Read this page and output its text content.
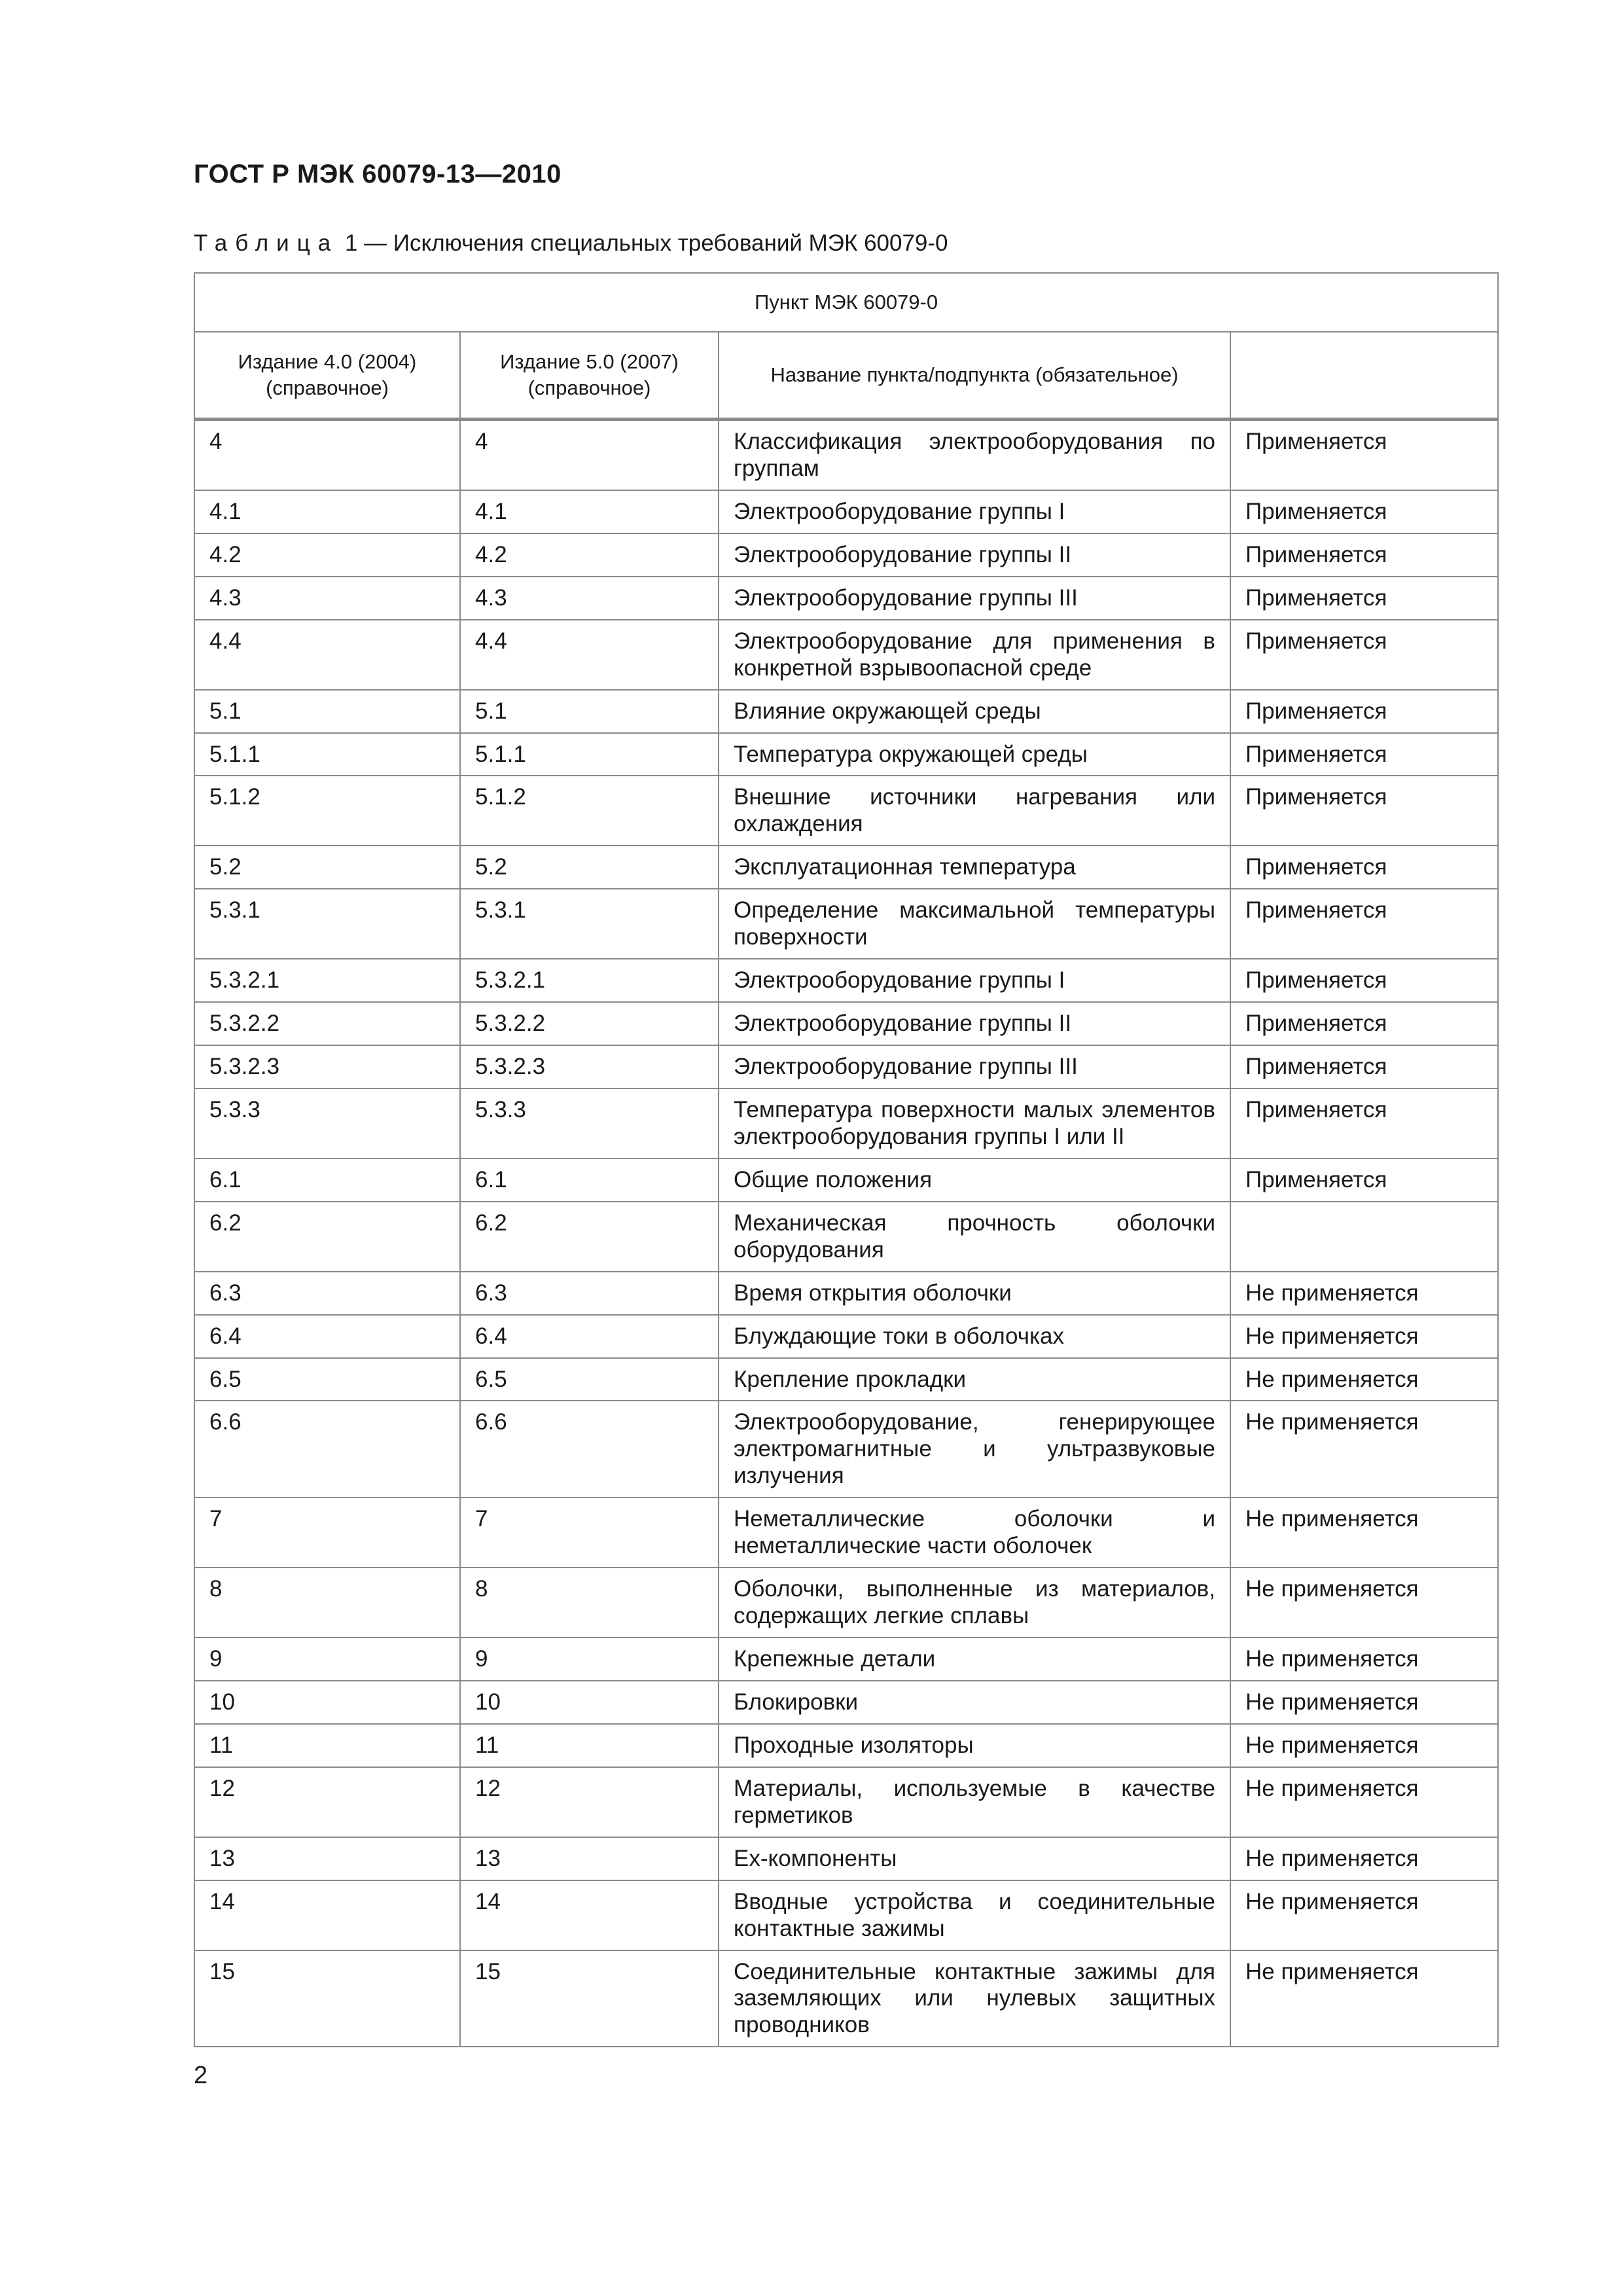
ГОСТ Р МЭК 60079-13—2010
Таблица 1 — Исключения специальных требований МЭК 60079-0
Пункт МЭК 60079-0			
Издание 4.0 (2004) (справочное)	Издание 5.0 (2007) (справочное)	Название пункта/подпункта (обязательное)	
4	4	Классификация электрооборудования по группам	Применяется
4.1	4.1	Электрооборудование группы I	Применяется
4.2	4.2	Электрооборудование группы II	Применяется
4.3	4.3	Электрооборудование группы III	Применяется
4.4	4.4	Электрооборудование для применения в конкретной взрывоопасной среде	Применяется
5.1	5.1	Влияние окружающей среды	Применяется
5.1.1	5.1.1	Температура окружающей среды	Применяется
5.1.2	5.1.2	Внешние источники нагревания или охлаждения	Применяется
5.2	5.2	Эксплуатационная температура	Применяется
5.3.1	5.3.1	Определение максимальной температуры поверхности	Применяется
5.3.2.1	5.3.2.1	Электрооборудование группы I	Применяется
5.3.2.2	5.3.2.2	Электрооборудование группы II	Применяется
5.3.2.3	5.3.2.3	Электрооборудование группы III	Применяется
5.3.3	5.3.3	Температура поверхности малых элементов электрооборудования группы I или II	Применяется
6.1	6.1	Общие положения	Применяется
6.2	6.2	Механическая прочность оболочки оборудования	
6.3	6.3	Время открытия оболочки	Не применяется
6.4	6.4	Блуждающие токи в оболочках	Не применяется
6.5	6.5	Крепление прокладки	Не применяется
6.6	6.6	Электрооборудование, генерирующее электромагнитные и ультразвуковые излучения	Не применяется
7	7	Неметаллические оболочки и неметаллические части оболочек	Не применяется
8	8	Оболочки, выполненные из материалов, содержащих легкие сплавы	Не применяется
9	9	Крепежные детали	Не применяется
10	10	Блокировки	Не применяется
11	11	Проходные изоляторы	Не применяется
12	12	Материалы, используемые в качестве герметиков	Не применяется
13	13	Ex-компоненты	Не применяется
14	14	Вводные устройства и соединительные контактные зажимы	Не применяется
15	15	Соединительные контактные зажимы для заземляющих или нулевых защитных проводников	Не применяется
2
